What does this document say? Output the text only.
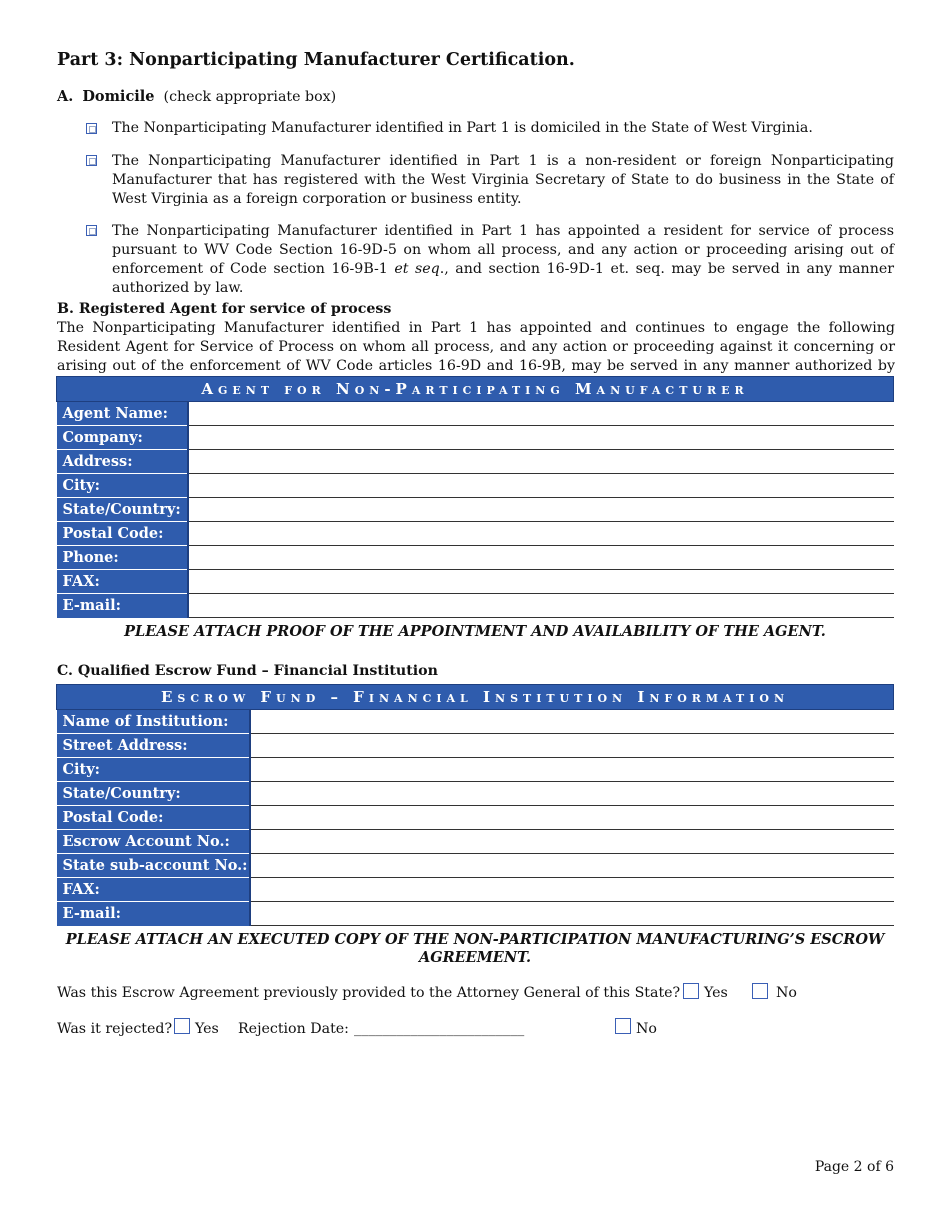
Part 3: Nonparticipating Manufacturer Certification.
A. Domicile (check appropriate box)
The Nonparticipating Manufacturer identified in Part 1 is domiciled in the State of West Virginia.
The Nonparticipating Manufacturer identified in Part 1 is a non-resident or foreign Nonparticipating Manufacturer that has registered with the West Virginia Secretary of State to do business in the State of West Virginia as a foreign corporation or business entity.
The Nonparticipating Manufacturer identified in Part 1 has appointed a resident for service of process pursuant to WV Code Section 16-9D-5 on whom all process, and any action or proceeding arising out of enforcement of Code section 16-9B-1 et seq., and section 16-9D-1 et. seq. may be served in any manner authorized by law.
B. Registered Agent for service of process
The Nonparticipating Manufacturer identified in Part 1 has appointed and continues to engage the following Resident Agent for Service of Process on whom all process, and any action or proceeding against it concerning or arising out of the enforcement of WV Code articles 16-9D and 16-9B, may be served in any manner authorized by
Agent for Non-Participating Manufacturer	
Agent Name:	
Company:	
Address:	
City:	
State/Country:	
Postal Code:	
Phone:	
FAX:	
E-mail:	
PLEASE ATTACH PROOF OF THE APPOINTMENT AND AVAILABILITY OF THE AGENT.
C. Qualified Escrow Fund – Financial Institution
Escrow Fund – Financial Institution Information	
Name of Institution:	
Street Address:	
City:	
State/Country:	
Postal Code:	
Escrow Account No.:	
State sub-account No.:	
FAX:	
E-mail:	
PLEASE ATTACH AN EXECUTED COPY OF THE NON-PARTICIPATION MANUFACTURING’S ESCROW
AGREEMENT.
Was this Escrow Agreement previously provided to the Attorney General of this State? Yes	No
Was it rejected? Yes Rejection Date: ________________________	No
Page 2 of 6
